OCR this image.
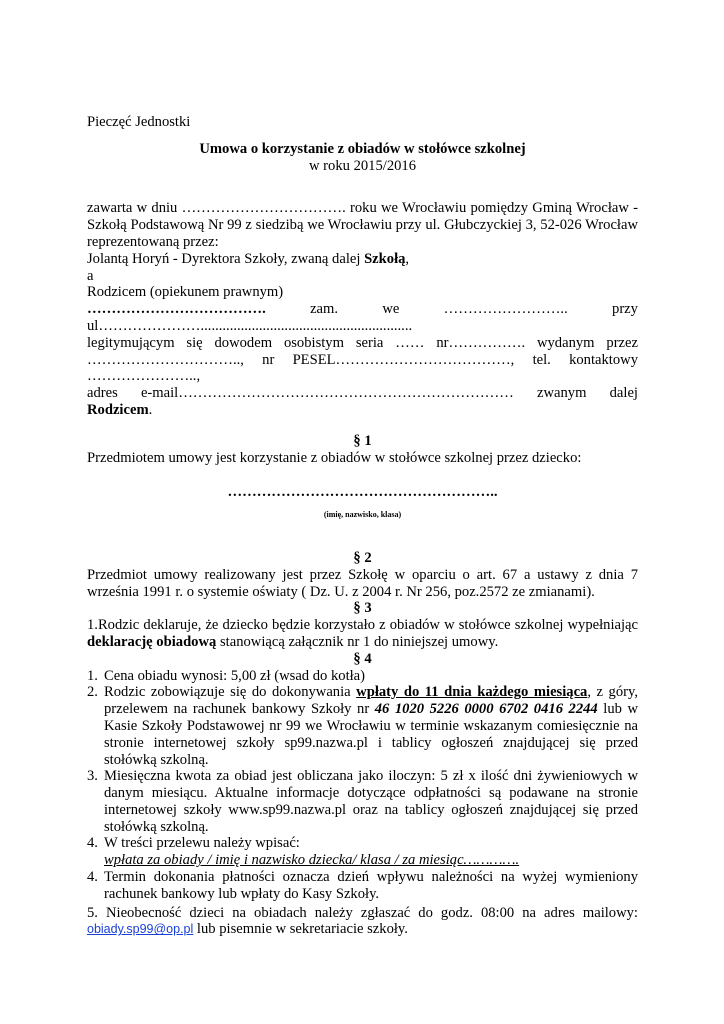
Pieczęć Jednostki
Umowa o korzystanie z obiadów w stołówce szkolnej
w roku 2015/2016
zawarta w dniu ……………………………. roku we Wrocławiu pomiędzy Gminą Wrocław -
Szkołą Podstawową Nr 99 z siedzibą we Wrocławiu przy ul. Głubczyckiej 3, 52-026 Wrocław
reprezentowaną przez:
Jolantą Horyń - Dyrektora Szkoły, zwaną dalej Szkołą,
a
Rodzicem (opiekunem prawnym)
……………………………….	zam.	we	……………………..	przy
ul…………………..........................................................
legitymującym się dowodem osobistym seria …… nr……………. wydanym przez
………………………….., nr PESEL………………………………, tel. kontaktowy
…………………..,
adres e-mail…………………………………………………………… zwanym dalej
Rodzicem.
§ 1
Przedmiotem umowy jest korzystanie z obiadów w stołówce szkolnej przez dziecko:
………………………………………………..
(imię, nazwisko, klasa)
§ 2
Przedmiot umowy realizowany jest przez Szkołę w oparciu o art. 67 a ustawy z dnia 7 września 1991 r. o systemie oświaty ( Dz. U. z 2004 r. Nr 256, poz.2572 ze zmianami).
§ 3
1.Rodzic deklaruje, że dziecko będzie korzystało z obiadów w stołówce szkolnej wypełniając deklarację obiadową stanowiącą załącznik nr 1 do niniejszej umowy.
§ 4
1. Cena obiadu wynosi: 5,00 zł (wsad do kotła)
2. Rodzic zobowiązuje się do dokonywania wpłaty do 11 dnia każdego miesiąca, z góry, przelewem na rachunek bankowy Szkoły nr 46 1020 5226 0000 6702 0416 2244 lub w Kasie Szkoły Podstawowej nr 99 we Wrocławiu w terminie wskazanym comiesięcznie na stronie internetowej szkoły sp99.nazwa.pl i tablicy ogłoszeń znajdującej się przed stołówką szkolną.
3. Miesięczna kwota za obiad jest obliczana jako iloczyn: 5 zł x ilość dni żywieniowych w danym miesiącu. Aktualne informacje dotyczące odpłatności są podawane na stronie internetowej szkoły www.sp99.nazwa.pl oraz na tablicy ogłoszeń znajdującej się przed stołówką szkolną.
4. W treści przelewu należy wpisać:
wpłata za obiady / imię i nazwisko dziecka/ klasa / za miesiąc………….
4. Termin dokonania płatności oznacza dzień wpływu należności na wyżej wymieniony rachunek bankowy lub wpłaty do Kasy Szkoły.
5. Nieobecność dzieci na obiadach należy zgłaszać do godz. 08:00 na adres mailowy: obiady.sp99@op.pl lub pisemnie w sekretariacie szkoły.
